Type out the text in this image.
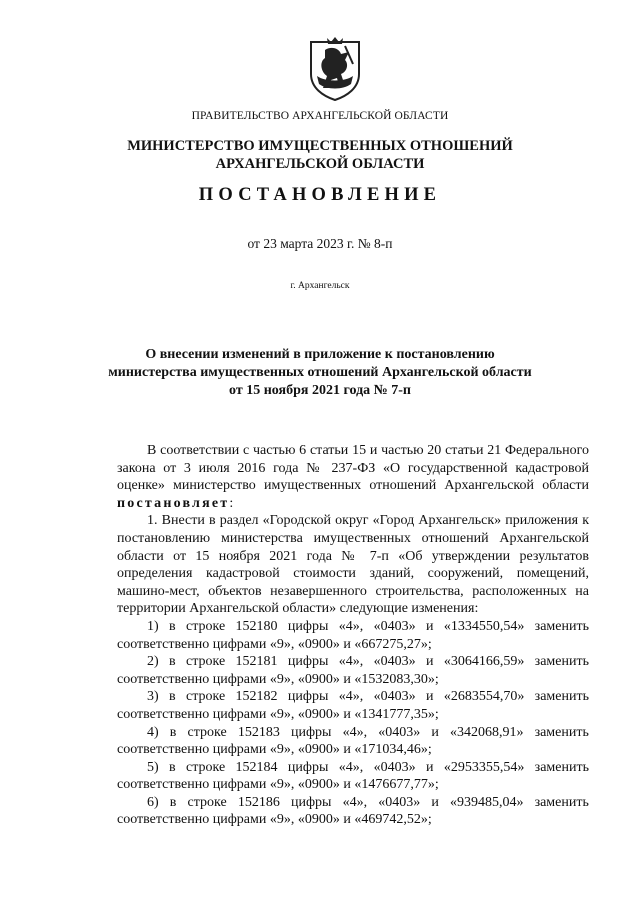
ПРАВИТЕЛЬСТВО АРХАНГЕЛЬСКОЙ ОБЛАСТИ
МИНИСТЕРСТВО ИМУЩЕСТВЕННЫХ ОТНОШЕНИЙ
АРХАНГЕЛЬСКОЙ ОБЛАСТИ
ПОСТАНОВЛЕНИЕ
от 23 марта 2023 г. № 8-п
г. Архангельск
О внесении изменений в приложение к постановлению
министерства имущественных отношений Архангельской области
от 15 ноября 2021 года № 7-п

В соответствии с частью 6 статьи 15 и частью 20 статьи 21 Федерального закона от 3 июля 2016 года № 237-ФЗ «О государственной кадастровой оценке» министерство имущественных отношений Архангельской области постановляет:

1. Внести в раздел «Городской округ «Город Архангельск» приложения к постановлению министерства имущественных отношений Архангельской области от 15 ноября 2021 года № 7-п «Об утверждении результатов определения кадастровой стоимости зданий, сооружений, помещений, машино-мест, объектов незавершенного строительства, расположенных на территории Архангельской области» следующие изменения:

1) в строке 152180 цифры «4», «0403» и «1334550,54» заменить
соответственно цифрами «9», «0900» и «667275,27»;
2) в строке 152181 цифры «4», «0403» и «3064166,59» заменить
соответственно цифрами «9», «0900» и «1532083,30»;
3) в строке 152182 цифры «4», «0403» и «2683554,70» заменить
соответственно цифрами «9», «0900» и «1341777,35»;
4) в строке 152183 цифры «4», «0403» и «342068,91» заменить
соответственно цифрами «9», «0900» и «171034,46»;
5) в строке 152184 цифры «4», «0403» и «2953355,54» заменить
соответственно цифрами «9», «0900» и «1476677,77»;
6) в строке 152186 цифры «4», «0403» и «939485,04» заменить
соответственно цифрами «9», «0900» и «469742,52»;
